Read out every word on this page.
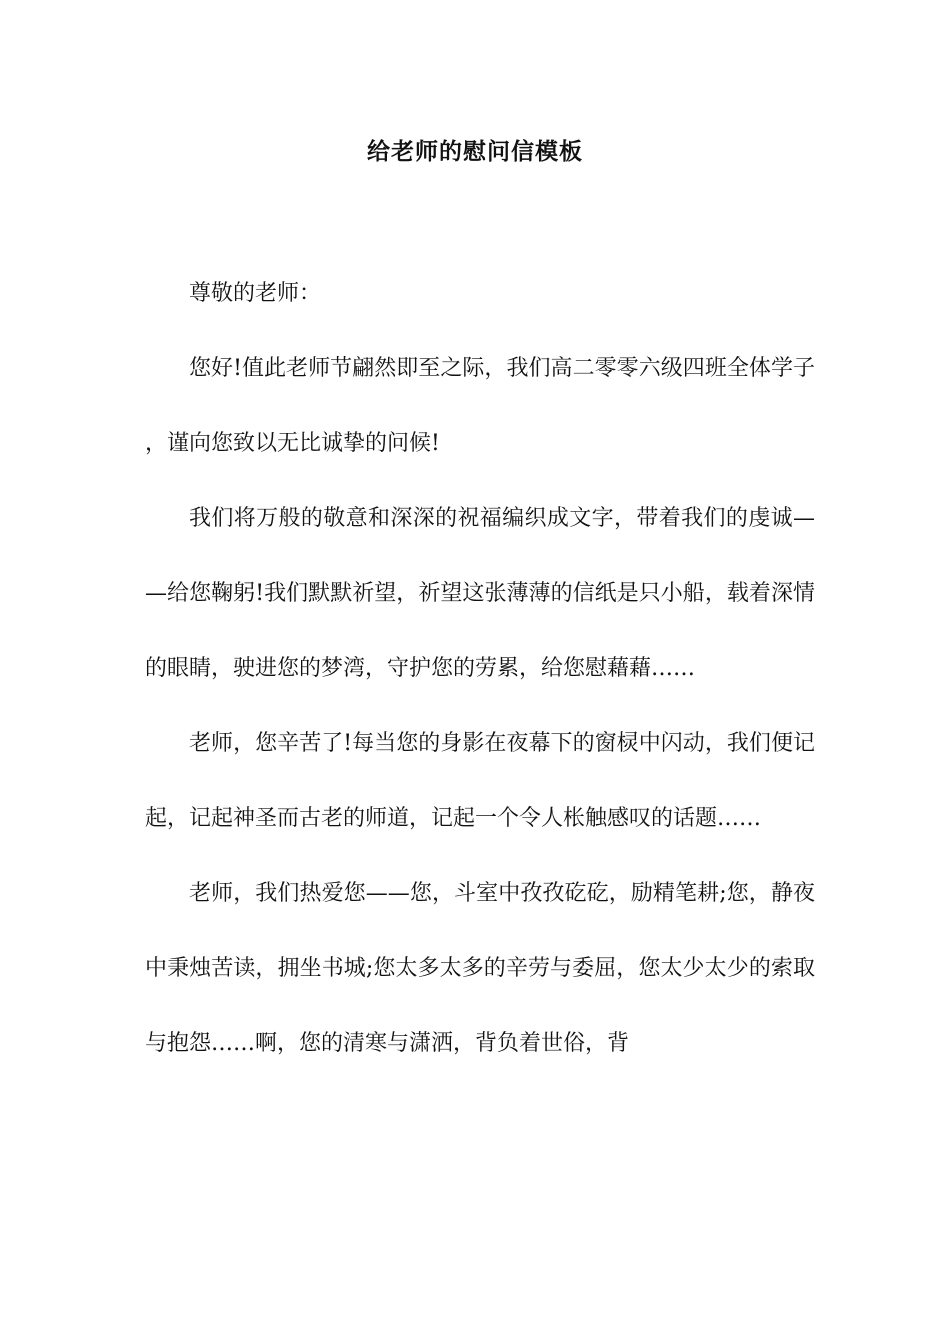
给老师的慰问信模板

尊敬的老师：

您好!值此老师节翩然即至之际，我们高二零零六级四班全体学子，谨向您致以无比诚挚的问候!

我们将万般的敬意和深深的祝福编织成文字，带着我们的虔诚——给您鞠躬!我们默默祈望，祈望这张薄薄的信纸是只小船，载着深情的眼睛，驶进您的梦湾，守护您的劳累，给您慰藉藉……

老师，您辛苦了!每当您的身影在夜幕下的窗棂中闪动，我们便记起，记起神圣而古老的师道，记起一个令人枨触感叹的话题……

老师，我们热爱您——您，斗室中孜孜矻矻，励精笔耕;您，静夜中秉烛苦读，拥坐书城;您太多太多的辛劳与委屈，您太少太少的索取与抱怨……啊，您的清寒与潇洒，背负着世俗，背
